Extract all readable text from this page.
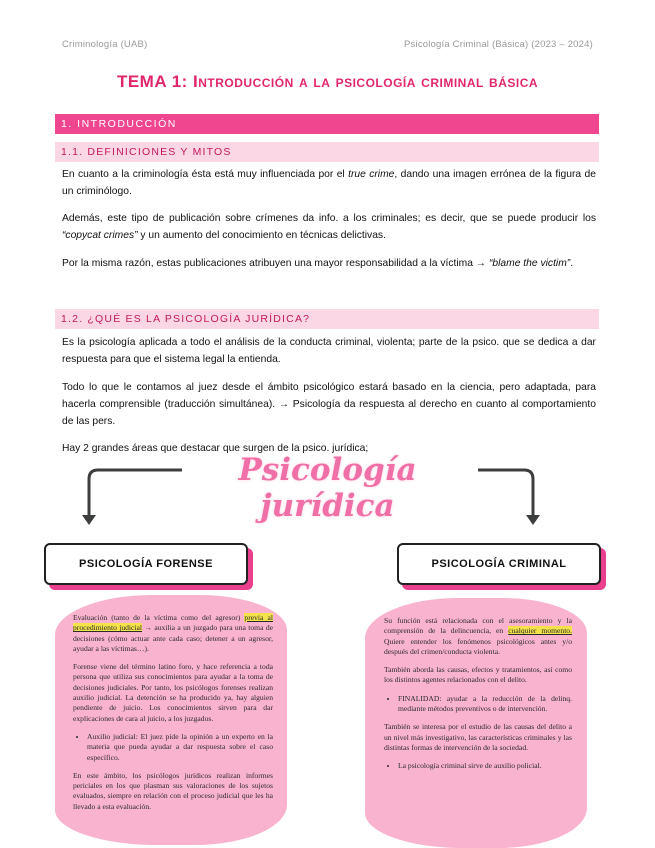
Criminología (UAB)	Psicología Criminal (Básica) (2023 – 2024)
TEMA 1: Introducción a la psicología criminal básica
1. INTRODUCCIÓN
1.1. DEFINICIONES Y MITOS
En cuanto a la criminología ésta está muy influenciada por el true crime, dando una imagen errónea de la figura de un criminólogo.
Además, este tipo de publicación sobre crímenes da info. a los criminales; es decir, que se puede producir los “copycat crimes” y un aumento del conocimiento en técnicas delictivas.
Por la misma razón, estas publicaciones atribuyen una mayor responsabilidad a la víctima → “blame the victim”.
1.2. ¿QUÉ ES LA PSICOLOGÍA JURÍDICA?
Es la psicología aplicada a todo el análisis de la conducta criminal, violenta; parte de la psico. que se dedica a dar respuesta para que el sistema legal la entienda.
Todo lo que le contamos al juez desde el ámbito psicológico estará basado en la ciencia, pero adaptada, para hacerla comprensible (traducción simultánea). → Psicología da respuesta al derecho en cuanto al comportamiento de las pers.
Hay 2 grandes áreas que destacar que surgen de la psico. jurídica;
Psicología jurídica
PSICOLOGÍA FORENSE	PSICOLOGÍA CRIMINAL

Evaluación (tanto de la víctima como del agresor) previa al procedimiento judicial → auxilia a un juzgado para una toma de decisiones (cómo actuar ante cada caso; detener a un agresor, ayudar a las víctimas…).

Forense viene del término latino foro, y hace referencia a toda persona que utiliza sus conocimientos para ayudar a la toma de decisiones judiciales. Por tanto, los psicólogos forenses realizan auxilio judicial. La detención se ha producido ya, hay alguien pendiente de juicio. Los conocimientos sirven para dar explicaciones de cara al juicio, a los juzgados.

• Auxilio judicial: El juez pide la opinión a un experto en la materia que pueda ayudar a dar respuesta sobre el caso específico.

En este ámbito, los psicólogos jurídicos realizan informes periciales en los que plasman sus valoraciones de los sujetos evaluados, siempre en relación con el proceso judicial que les ha llevado a esta evaluación.

Su función está relacionada con el asesoramiento y la comprensión de la delincuencia, en cualquier momento. Quiere entender los fenómenos psicológicos antes y/o después del crimen/conducta violenta.

También aborda las causas, efectos y tratamientos, así como los distintos agentes relacionados con el delito.

• FINALIDAD: ayudar a la reducción de la delinq. mediante métodos preventivos o de intervención.

También se interesa por el estudio de las causas del delito a un nivel más investigativo, las características criminales y las distintas formas de intervención de la sociedad.

• La psicología criminal sirve de auxilio policial.
